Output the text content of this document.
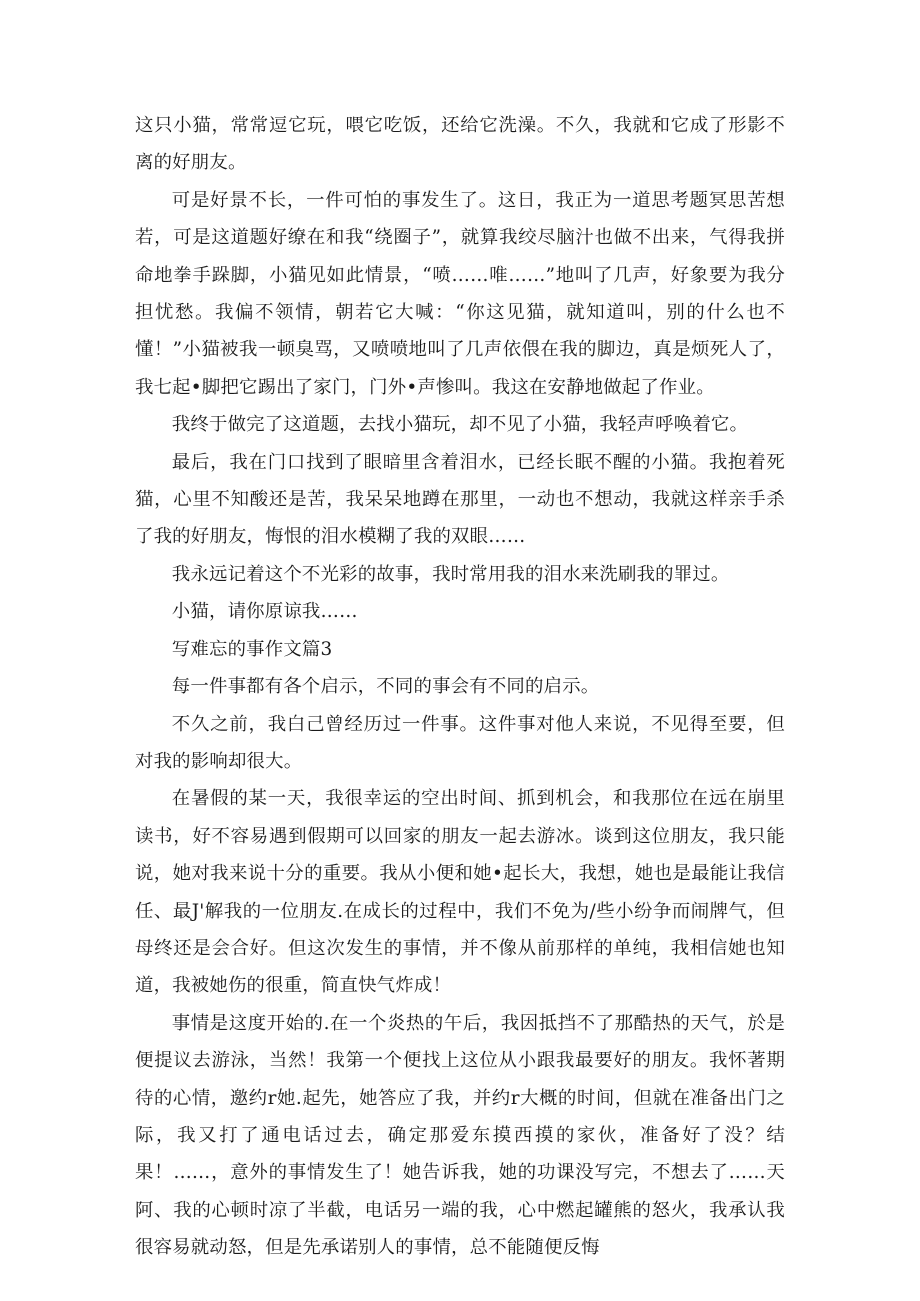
这只小猫，常常逗它玩，喂它吃饭，还给它洗澡。不久，我就和它成了形影不离的好朋友。

可是好景不长，一件可怕的事发生了。这日，我正为一道思考题冥思苦想若，可是这道题好缭在和我“绕圈子”，就算我绞尽脑汁也做不出来，气得我拼命地拳手跺脚，小猫见如此情景，“喷……唯……”地叫了几声，好象要为我分担忧愁。我偏不领情，朝若它大喊：“你这见猫，就知道叫，别的什么也不懂！”小猫被我一顿臭骂，又喷喷地叫了几声依偎在我的脚边，真是烦死人了，我七起•脚把它踢出了家门，门外•声惨叫。我这在安静地做起了作业。

我终于做完了这道题，去找小猫玩，却不见了小猫，我轻声呼唤着它。

最后，我在门口找到了眼暗里含着泪水，已经长眠不醒的小猫。我抱着死猫，心里不知酸还是苦，我呆呆地蹲在那里，一动也不想动，我就这样亲手杀了我的好朋友，悔恨的泪水模糊了我的双眼……

我永远记着这个不光彩的故事，我时常用我的泪水来洗刷我的罪过。

小猫，请你原谅我……

写难忘的事作文篇3

每一件事都有各个启示，不同的事会有不同的启示。

不久之前，我白己曾经历过一件事。这件事对他人来说，不见得至要，但对我的影响却很大。

在暑假的某一天，我很幸运的空出时间、抓到机会，和我那位在远在崩里读书，好不容易遇到假期可以回家的朋友一起去游冰。谈到这位朋友，我只能说，她对我来说十分的重要。我从小便和她•起长大，我想，她也是最能让我信任、最J'解我的一位朋友.在成长的过程中，我们不免为/些小纷争而闹牌气，但母终还是会合好。但这次发生的事情，并不像从前那样的单纯，我相信她也知道，我被她伤的很重，简直快气炸成！

事情是这度开始的.在一个炎热的午后，我因抵挡不了那酷热的天气，於是便提议去游泳，当然！我第一个便找上这位从小跟我最要好的朋友。我怀著期待的心情，邀约r她.起先，她答应了我，并约r大概的时间，但就在准备出门之际，我又打了通电话过去，确定那爱东摸西摸的家伙，准备好了没？结果！……，意外的事情发生了！她告诉我，她的功课没写完，不想去了……天阿、我的心顿时凉了半截，电话另一端的我，心中燃起罐熊的怒火，我承认我很容易就动怒，但是先承诺别人的事情，总不能随便反悔
